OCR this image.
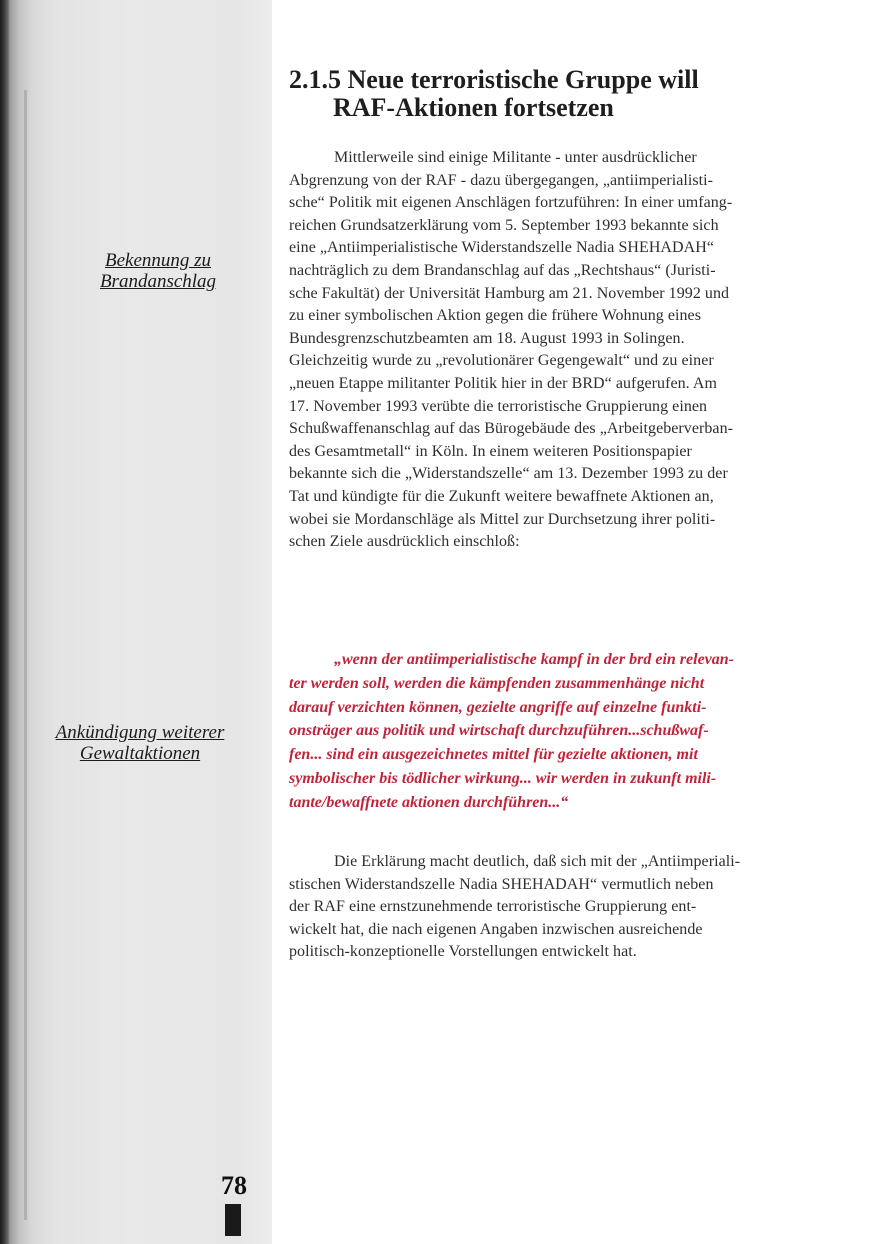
Bekennung zu
Brandanschlag
Ankündigung weiterer
Gewaltaktionen
2.1.5 Neue terroristische Gruppe will
RAF-Aktionen fortsetzen
Mittlerweile sind einige Militante - unter ausdrücklicher
Abgrenzung von der RAF - dazu übergegangen, „antiimperialisti-
sche“ Politik mit eigenen Anschlägen fortzuführen: In einer umfang-
reichen Grundsatzerklärung vom 5. September 1993 bekannte sich
eine „Antiimperialistische Widerstandszelle Nadia SHEHADAH“
nachträglich zu dem Brandanschlag auf das „Rechtshaus“ (Juristi-
sche Fakultät) der Universität Hamburg am 21. November 1992 und
zu einer symbolischen Aktion gegen die frühere Wohnung eines
Bundesgrenzschutzbeamten am 18. August 1993 in Solingen.
Gleichzeitig wurde zu „revolutionärer Gegengewalt“ und zu einer
„neuen Etappe militanter Politik hier in der BRD“ aufgerufen. Am
17. November 1993 verübte die terroristische Gruppierung einen
Schußwaffenanschlag auf das Bürogebäude des „Arbeitgeberverban-
des Gesamtmetall“ in Köln. In einem weiteren Positionspapier
bekannte sich die „Widerstandszelle“ am 13. Dezember 1993 zu der
Tat und kündigte für die Zukunft weitere bewaffnete Aktionen an,
wobei sie Mordanschläge als Mittel zur Durchsetzung ihrer politi-
schen Ziele ausdrücklich einschloß:
„wenn der antiimperialistische kampf in der brd ein relevan-
ter werden soll, werden die kämpfenden zusammenhänge nicht
darauf verzichten können, gezielte angriffe auf einzelne funkti-
onsträger aus politik und wirtschaft durchzuführen...schußwaf-
fen... sind ein ausgezeichnetes mittel für gezielte aktionen, mit
symbolischer bis tödlicher wirkung... wir werden in zukunft mili-
tante/bewaffnete aktionen durchführen...“
Die Erklärung macht deutlich, daß sich mit der „Antiimperiali-
stischen Widerstandszelle Nadia SHEHADAH“ vermutlich neben
der RAF eine ernstzunehmende terroristische Gruppierung ent-
wickelt hat, die nach eigenen Angaben inzwischen ausreichende
politisch-konzeptionelle Vorstellungen entwickelt hat.
78
